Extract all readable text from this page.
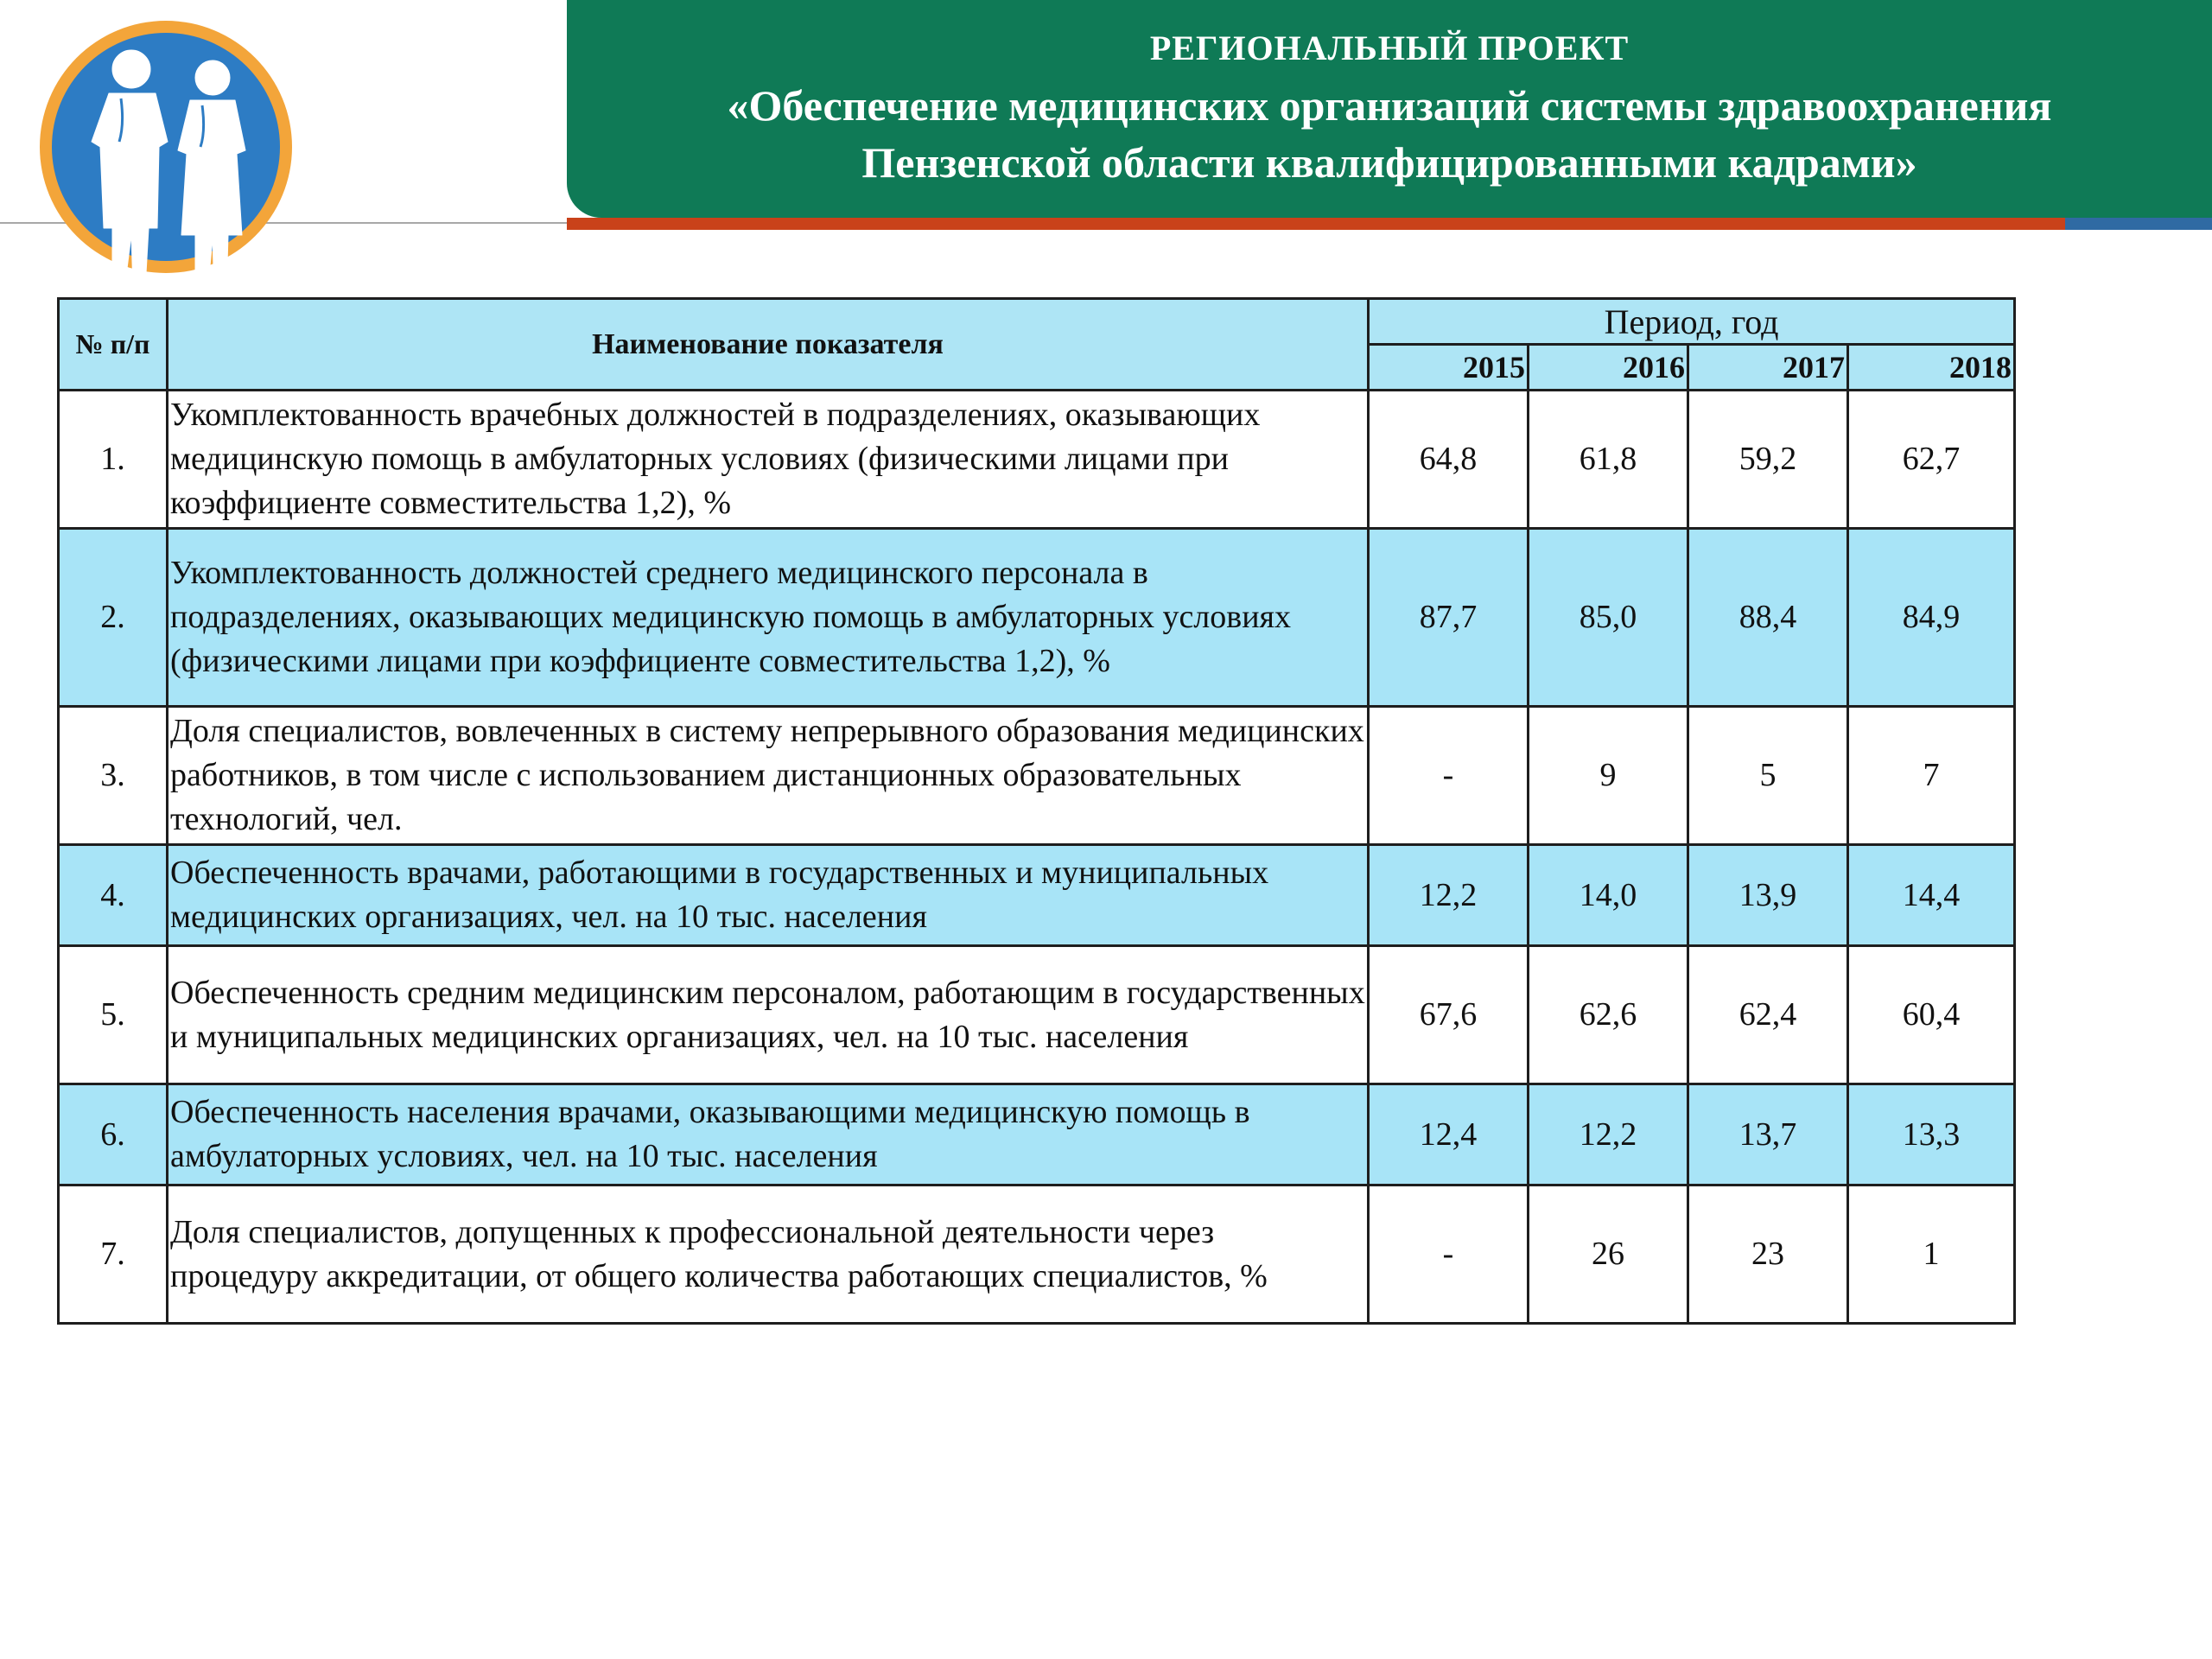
РЕГИОНАЛЬНЫЙ ПРОЕКТ
«Обеспечение медицинских организаций системы здравоохранения
Пензенской области квалифицированными кадрами»
№ п/п	Наименование показателя	Период, год			
		2015	2016	2017	2018
1.	Укомплектованность врачебных должностей в подразделениях, оказывающих медицинскую помощь в амбулаторных условиях (физическими лицами при коэффициенте совместительства 1,2), %	64,8	61,8	59,2	62,7
2.	Укомплектованность должностей среднего медицинского персонала в подразделениях, оказывающих медицинскую помощь в амбулаторных условиях (физическими лицами при коэффициенте совместительства 1,2), %	87,7	85,0	88,4	84,9
3.	Доля специалистов, вовлеченных в систему непрерывного образования медицинских работников, в том числе с использованием дистанционных образовательных технологий, чел.	-	9	5	7
4.	Обеспеченность врачами, работающими в государственных и муниципальных медицинских организациях, чел. на 10 тыс. населения	12,2	14,0	13,9	14,4
5.	Обеспеченность средним медицинским персоналом, работающим в государственных и муниципальных медицинских организациях, чел. на 10 тыс. населения	67,6	62,6	62,4	60,4
6.	Обеспеченность населения врачами, оказывающими медицинскую помощь в амбулаторных условиях, чел. на 10 тыс. населения	12,4	12,2	13,7	13,3
7.	Доля специалистов, допущенных к профессиональной деятельности через процедуру аккредитации, от общего количества работающих специалистов, %	-	26	23	1
